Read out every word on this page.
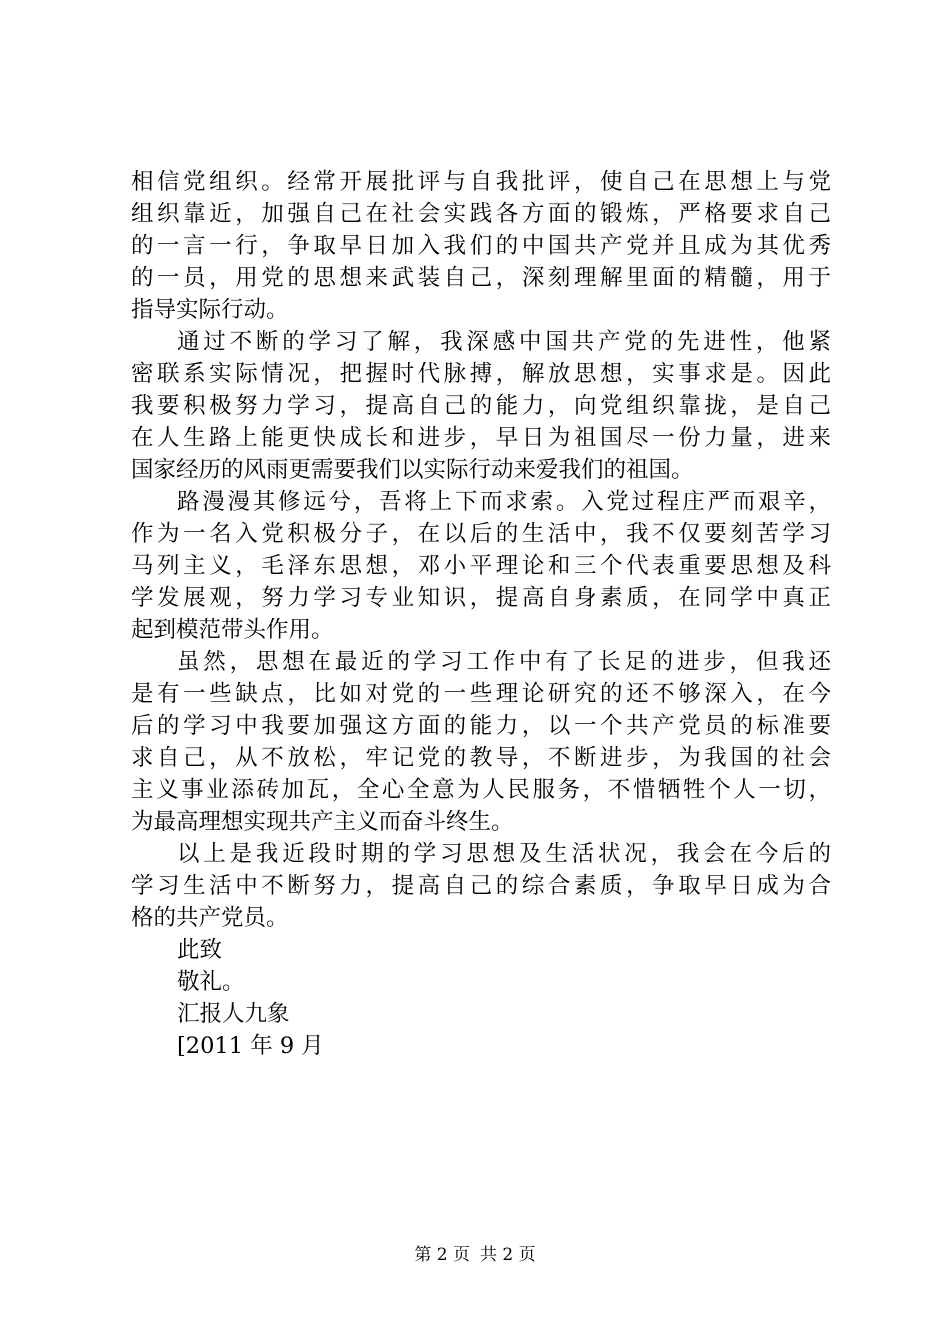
相信党组织。经常开展批评与自我批评，使自己在思想上与党
组织靠近，加强自己在社会实践各方面的锻炼，严格要求自己
的一言一行，争取早日加入我们的中国共产党并且成为其优秀
的一员，用党的思想来武装自己，深刻理解里面的精髓，用于
指导实际行动。
通过不断的学习了解，我深感中国共产党的先进性，他紧
密联系实际情况，把握时代脉搏，解放思想，实事求是。因此
我要积极努力学习，提高自己的能力，向党组织靠拢，是自己
在人生路上能更快成长和进步，早日为祖国尽一份力量，进来
国家经历的风雨更需要我们以实际行动来爱我们的祖国。
路漫漫其修远兮，吾将上下而求索。入党过程庄严而艰辛，
作为一名入党积极分子，在以后的生活中，我不仅要刻苦学习
马列主义，毛泽东思想，邓小平理论和三个代表重要思想及科
学发展观，努力学习专业知识，提高自身素质，在同学中真正
起到模范带头作用。
虽然，思想在最近的学习工作中有了长足的进步，但我还
是有一些缺点，比如对党的一些理论研究的还不够深入，在今
后的学习中我要加强这方面的能力，以一个共产党员的标准要
求自己，从不放松，牢记党的教导，不断进步，为我国的社会
主义事业添砖加瓦，全心全意为人民服务，不惜牺牲个人一切，
为最高理想实现共产主义而奋斗终生。
以上是我近段时期的学习思想及生活状况，我会在今后的
学习生活中不断努力，提高自己的综合素质，争取早日成为合
格的共产党员。
此致
敬礼。
汇报人九象
[2011 年 9 月
第 2 页 共 2 页
